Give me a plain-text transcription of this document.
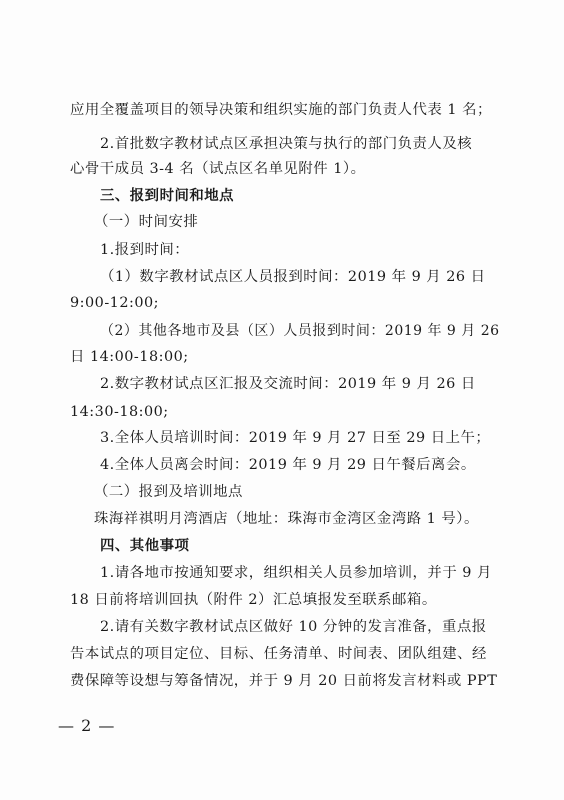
应用全覆盖项目的领导决策和组织实施的部门负责人代表 1 名；
2.首批数字教材试点区承担决策与执行的部门负责人及核
心骨干成员 3-4 名（试点区名单见附件 1）。
三、报到时间和地点
（一）时间安排
1.报到时间：
（1）数字教材试点区人员报到时间：2019 年 9 月 26 日
9:00-12:00;
（2）其他各地市及县（区）人员报到时间：2019 年 9 月 26
日 14:00-18:00;
2.数字教材试点区汇报及交流时间：2019 年 9 月 26 日
14:30-18:00;
3.全体人员培训时间：2019 年 9 月 27 日至 29 日上午；
4.全体人员离会时间：2019 年 9 月 29 日午餐后离会。
（二）报到及培训地点
珠海祥祺明月湾酒店（地址：珠海市金湾区金湾路 1 号）。
四、其他事项
1.请各地市按通知要求，组织相关人员参加培训，并于 9 月
18 日前将培训回执（附件 2）汇总填报发至联系邮箱。
2.请有关数字教材试点区做好 10 分钟的发言准备，重点报
告本试点的项目定位、目标、任务清单、时间表、团队组建、经
费保障等设想与筹备情况，并于 9 月 20 日前将发言材料或 PPT
— 2 —
